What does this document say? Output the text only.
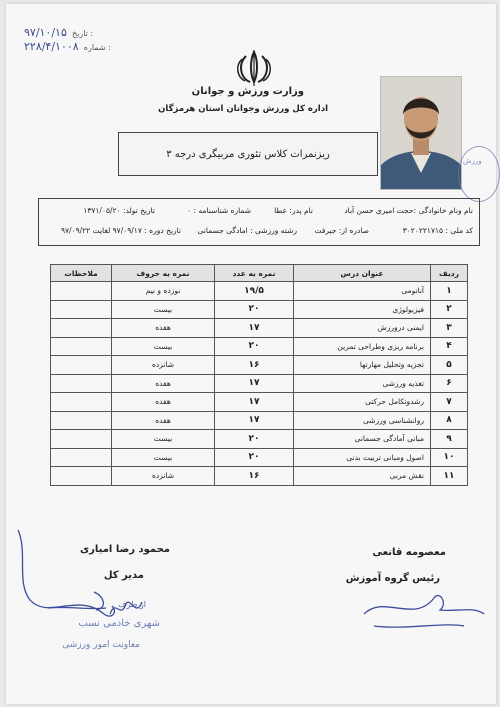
۹۷/۱۰/۱۵ تاریخ :
۲۲۸/۴/۱۰۰۸ شماره :
وزارت ورزش و جوانان
اداره کل ورزش وجوانان استان هرمزگان
ریزنمرات کلاس تئوری مربیگری درجه ۳
ورزش
نام ونام خانوادگی :حجت امیری حسن آباد
نام پدر: عطا
شماره شناسنامه : ۰
تاریخ تولد: ۱۳۷۱/۰۵/۲۰
کد ملی : ۳۰۲۰۲۲۱۷۱۵
صادره از: جیرفت
رشته ورزشی : امادگی جسمانی
تاریخ دوره : ۹۷/۰۹/۱۷ لغایت ۹۷/۰۹/۲۲
ردیف	عنوان درس	نمره به عدد	نمره به حروف	ملاحظات
۱	آناتومی	۱۹/۵	نوزده و نیم	
۲	فیزیولوژی	۲۰	بیست	
۳	ایمنی درورزش	۱۷	هفده	
۴	برنامه ریزی وطراحی تمرین	۲۰	بیست	
۵	تجزیه وتحلیل مهارتها	۱۶	شانزده	
۶	تغذیه ورزشی	۱۷	هفده	
۷	رشدوتکامل حرکتی	۱۷	هفده	
۸	روانشناسی ورزشی	۱۷	هفده	
۹	مبانی آمادگی جسمانی	۲۰	بیست	
۱۰	اصول ومبانی تربیت بدنی	۲۰	بیست	
۱۱	نقش مربی	۱۶	شانزده	
محمود رضا امیاری
مدیر کل
معصومه قانعی
رئیس گروه آموزش
از طرف
شهری خادمی نسب
معاونت امور ورزشی
